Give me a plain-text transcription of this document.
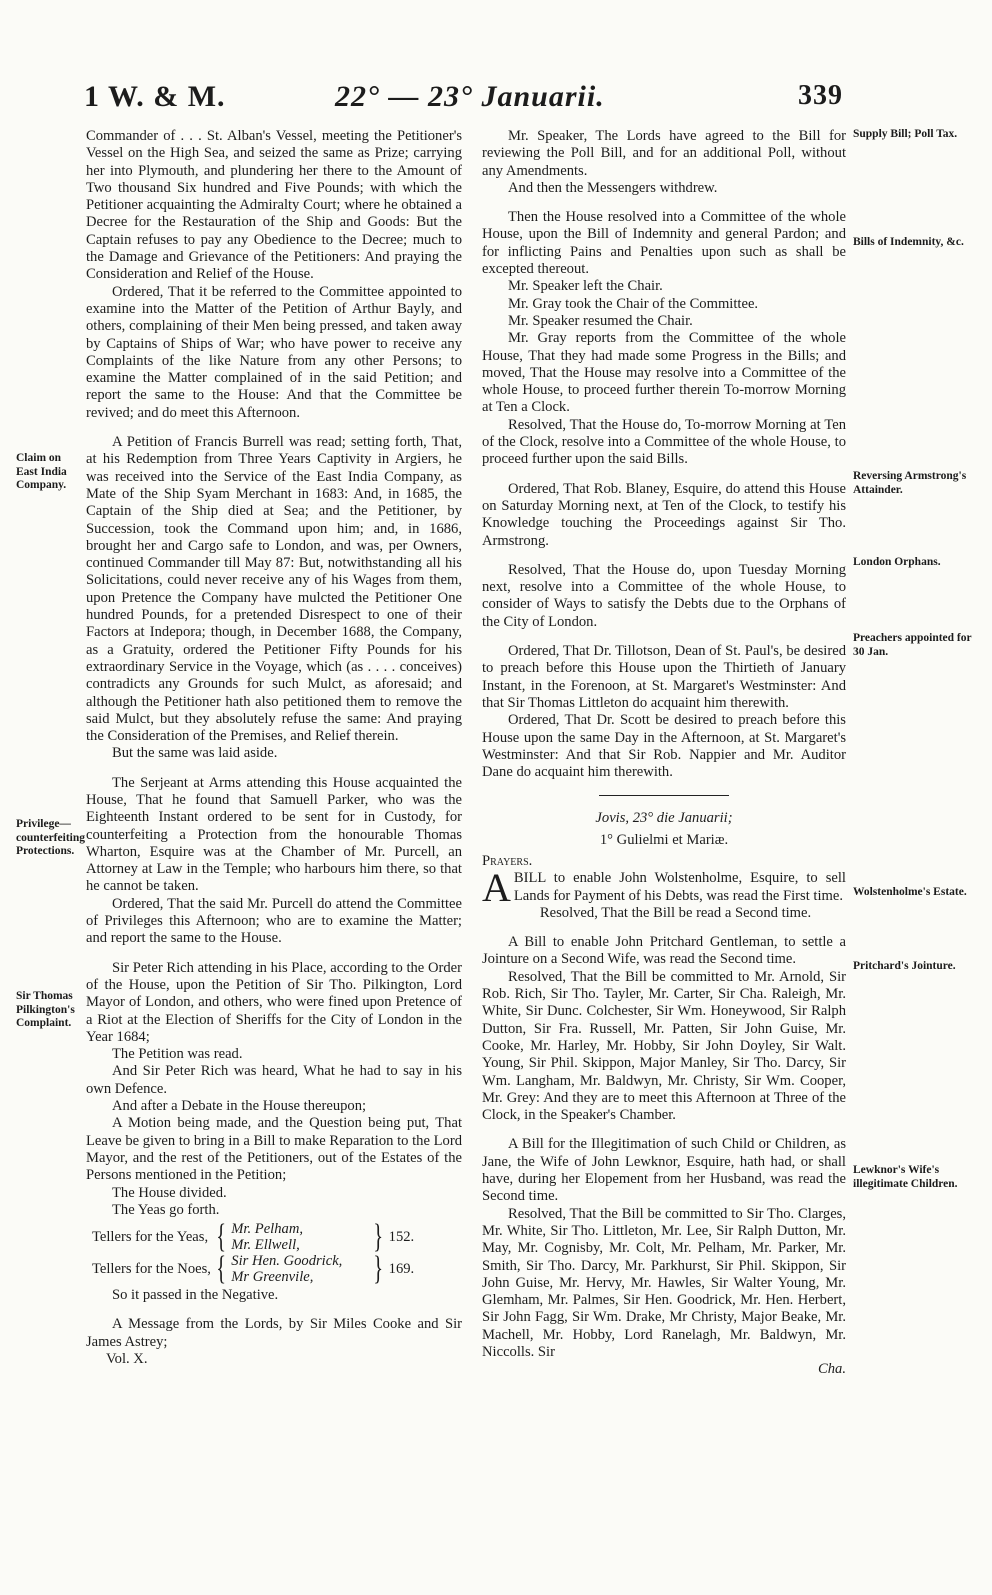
1 W. & M.	22° — 23° Januarii.	339

Commander of . . . St. Alban's Vessel, meeting the Petitioner's Vessel on the High Sea, and seized the same as Prize; carrying her into Plymouth, and plundering her there to the Amount of Two thousand Six hundred and Five Pounds; with which the Petitioner acquainting the Admiralty Court; where he obtained a Decree for the Restauration of the Ship and Goods: But the Captain refuses to pay any Obedience to the Decree; much to the Damage and Grievance of the Petitioners: And praying the Consideration and Relief of the House.

Ordered, That it be referred to the Committee appointed to examine into the Matter of the Petition of Arthur Bayly, and others, complaining of their Men being pressed, and taken away by Captains of Ships of War; who have power to receive any Complaints of the like Nature from any other Persons; to examine the Matter complained of in the said Petition; and report the same to the House: And that the Committee be revived; and do meet this Afternoon.

A Petition of Francis Burrell was read; setting forth, That, at his Redemption from Three Years Captivity in Argiers, he was received into the Service of the East India Company, as Mate of the Ship Syam Merchant in 1683: And, in 1685, the Captain of the Ship died at Sea; and the Petitioner, by Succession, took the Command upon him; and, in 1686, brought her and Cargo safe to London, and was, per Owners, continued Commander till May 87: But, notwithstanding all his Solicitations, could never receive any of his Wages from them, upon Pretence the Company have mulcted the Petitioner One hundred Pounds, for a pretended Disrespect to one of their Factors at Indepora; though, in December 1688, the Company, as a Gratuity, ordered the Petitioner Fifty Pounds for his extraordinary Service in the Voyage, which (as . . . . conceives) contradicts any Grounds for such Mulct, as aforesaid; and although the Petitioner hath also petitioned them to remove the said Mulct, but they absolutely refuse the same: And praying the Consideration of the Premises, and Relief therein.

But the same was laid aside.

The Serjeant at Arms attending this House acquainted the House, That he found that Samuell Parker, who was the Eighteenth Instant ordered to be sent for in Custody, for counterfeiting a Protection from the honourable Thomas Wharton, Esquire was at the Chamber of Mr. Purcell, an Attorney at Law in the Temple; who harbours him there, so that he cannot be taken.

Ordered, That the said Mr. Purcell do attend the Committee of Privileges this Afternoon; who are to examine the Matter; and report the same to the House.

Sir Peter Rich attending in his Place, according to the Order of the House, upon the Petition of Sir Tho. Pilkington, Lord Mayor of London, and others, who were fined upon Pretence of a Riot at the Election of Sheriffs for the City of London in the Year 1684;

The Petition was read.

And Sir Peter Rich was heard, What he had to say in his own Defence.

And after a Debate in the House thereupon;

A Motion being made, and the Question being put, That Leave be given to bring in a Bill to make Reparation to the Lord Mayor, and the rest of the Petitioners, out of the Estates of the Persons mentioned in the Petition;

The House divided.

The Yeas go forth.

Tellers for the Yeas,	{	Mr. Pelham,
Mr. Ellwell,	}	152.
Tellers for the Noes,	{	Sir Hen. Goodrick,
Mr Greenvile,	}	169.

So it passed in the Negative.

A Message from the Lords, by Sir Miles Cooke and Sir James Astrey;

Vol. X.

Claim on East India Company.
Privilege—counterfeiting Protections.
Sir Thomas Pilkington's Complaint.

Mr. Speaker, The Lords have agreed to the Bill for reviewing the Poll Bill, and for an additional Poll, without any Amendments.

And then the Messengers withdrew.

Then the House resolved into a Committee of the whole House, upon the Bill of Indemnity and general Pardon; and for inflicting Pains and Penalties upon such as shall be excepted thereout.

Mr. Speaker left the Chair.

Mr. Gray took the Chair of the Committee.

Mr. Speaker resumed the Chair.

Mr. Gray reports from the Committee of the whole House, That they had made some Progress in the Bills; and moved, That the House may resolve into a Committee of the whole House, to proceed further therein To-morrow Morning at Ten a Clock.

Resolved, That the House do, To-morrow Morning at Ten of the Clock, resolve into a Committee of the whole House, to proceed further upon the said Bills.

Ordered, That Rob. Blaney, Esquire, do attend this House on Saturday Morning next, at Ten of the Clock, to testify his Knowledge touching the Proceedings against Sir Tho. Armstrong.

Resolved, That the House do, upon Tuesday Morning next, resolve into a Committee of the whole House, to consider of Ways to satisfy the Debts due to the Orphans of the City of London.

Ordered, That Dr. Tillotson, Dean of St. Paul's, be desired to preach before this House upon the Thirtieth of January Instant, in the Forenoon, at St. Margaret's Westminster: And that Sir Thomas Littleton do acquaint him therewith.

Ordered, That Dr. Scott be desired to preach before this House upon the same Day in the Afternoon, at St. Margaret's Westminster: And that Sir Rob. Nappier and Mr. Auditor Dane do acquaint him therewith.

Jovis, 23° die Januarii;

1° Gulielmi et Mariæ.

Prayers.

ABILL to enable John Wolstenholme, Esquire, to sell Lands for Payment of his Debts, was read the First time.

Resolved, That the Bill be read a Second time.

A Bill to enable John Pritchard Gentleman, to settle a Jointure on a Second Wife, was read the Second time.

Resolved, That the Bill be committed to Mr. Arnold, Sir Rob. Rich, Sir Tho. Tayler, Mr. Carter, Sir Cha. Raleigh, Mr. White, Sir Dunc. Colchester, Sir Wm. Honeywood, Sir Ralph Dutton, Sir Fra. Russell, Mr. Patten, Sir John Guise, Mr. Cooke, Mr. Harley, Mr. Hobby, Sir John Doyley, Sir Walt. Young, Sir Phil. Skippon, Major Manley, Sir Tho. Darcy, Sir Wm. Langham, Mr. Baldwyn, Mr. Christy, Sir Wm. Cooper, Mr. Grey: And they are to meet this Afternoon at Three of the Clock, in the Speaker's Chamber.

A Bill for the Illegitimation of such Child or Children, as Jane, the Wife of John Lewknor, Esquire, hath had, or shall have, during her Elopement from her Husband, was read the Second time.

Resolved, That the Bill be committed to Sir Tho. Clarges, Mr. White, Sir Tho. Littleton, Mr. Lee, Sir Ralph Dutton, Mr. May, Mr. Cognisby, Mr. Colt, Mr. Pelham, Mr. Parker, Mr. Smith, Sir Tho. Darcy, Mr. Parkhurst, Sir Phil. Skippon, Sir John Guise, Mr. Hervy, Mr. Hawles, Sir Walter Young, Mr. Glemham, Mr. Palmes, Sir Hen. Goodrick, Mr. Hen. Herbert, Sir John Fagg, Sir Wm. Drake, Mr Christy, Major Beake, Mr. Machell, Mr. Hobby, Lord Ranelagh, Mr. Baldwyn, Mr. Niccolls. Sir

Cha.

Supply Bill; Poll Tax.
Bills of Indemnity, &c.
Reversing Armstrong's Attainder.
London Orphans.
Preachers appointed for 30 Jan.
Wolstenholme's Estate.
Pritchard's Jointure.
Lewknor's Wife's illegitimate Children.
